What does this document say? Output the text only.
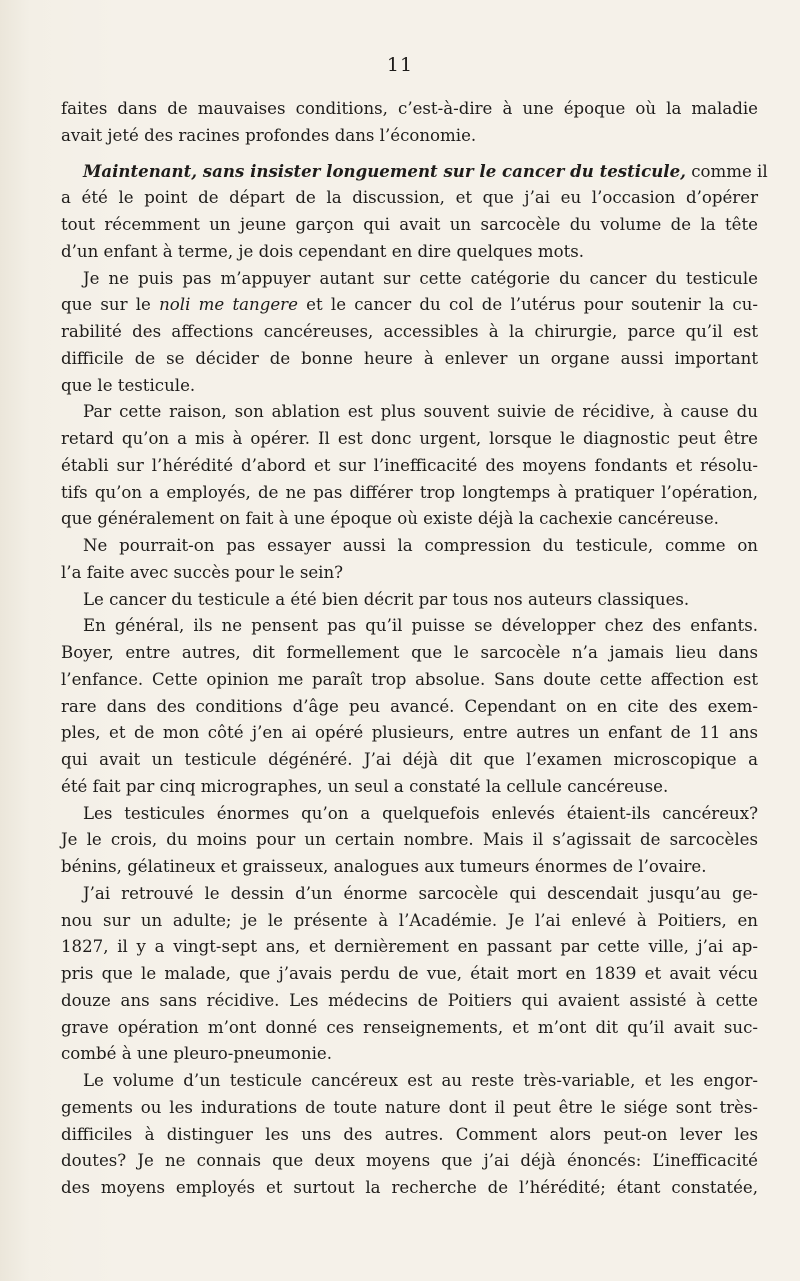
11
faites dans de mauvaises conditions, c’est-à-dire à une époque où la maladie
avait jeté des racines profondes dans l’économie.
Maintenant, sans insister longuement sur le cancer du testicule, comme il
a été le point de départ de la discussion, et que j’ai eu l’occasion d’opérer
tout récemment un jeune garçon qui avait un sarcocèle du volume de la tête
d’un enfant à terme, je dois cependant en dire quelques mots.
Je ne puis pas m’appuyer autant sur cette catégorie du cancer du testicule
que sur le noli me tangere et le cancer du col de l’utérus pour soutenir la cu-
rabilité des affections cancéreuses, accessibles à la chirurgie, parce qu’il est
difficile de se décider de bonne heure à enlever un organe aussi important
que le testicule.
Par cette raison, son ablation est plus souvent suivie de récidive, à cause du
retard qu’on a mis à opérer. Il est donc urgent, lorsque le diagnostic peut être
établi sur l’hérédité d’abord et sur l’inefficacité des moyens fondants et résolu-
tifs qu’on a employés, de ne pas différer trop longtemps à pratiquer l’opération,
que généralement on fait à une époque où existe déjà la cachexie cancéreuse.
Ne pourrait-on pas essayer aussi la compression du testicule, comme on
l’a faite avec succès pour le sein?
Le cancer du testicule a été bien décrit par tous nos auteurs classiques.
En général, ils ne pensent pas qu’il puisse se développer chez des enfants.
Boyer, entre autres, dit formellement que le sarcocèle n’a jamais lieu dans
l’enfance. Cette opinion me paraît trop absolue. Sans doute cette affection est
rare dans des conditions d’âge peu avancé. Cependant on en cite des exem-
ples, et de mon côté j’en ai opéré plusieurs, entre autres un enfant de 11 ans
qui avait un testicule dégénéré. J’ai déjà dit que l’examen microscopique a
été fait par cinq micrographes, un seul a constaté la cellule cancéreuse.
Les testicules énormes qu’on a quelquefois enlevés étaient-ils cancéreux?
Je le crois, du moins pour un certain nombre. Mais il s’agissait de sarcocèles
bénins, gélatineux et graisseux, analogues aux tumeurs énormes de l’ovaire.
J’ai retrouvé le dessin d’un énorme sarcocèle qui descendait jusqu’au ge-
nou sur un adulte; je le présente à l’Académie. Je l’ai enlevé à Poitiers, en
1827, il y a vingt-sept ans, et dernièrement en passant par cette ville, j’ai ap-
pris que le malade, que j’avais perdu de vue, était mort en 1839 et avait vécu
douze ans sans récidive. Les médecins de Poitiers qui avaient assisté à cette
grave opération m’ont donné ces renseignements, et m’ont dit qu’il avait suc-
combé à une pleuro-pneumonie.
Le volume d’un testicule cancéreux est au reste très-variable, et les engor-
gements ou les indurations de toute nature dont il peut être le siége sont très-
difficiles à distinguer les uns des autres. Comment alors peut-on lever les
doutes? Je ne connais que deux moyens que j’ai déjà énoncés: L’inefficacité
des moyens employés et surtout la recherche de l’hérédité; étant constatée,
